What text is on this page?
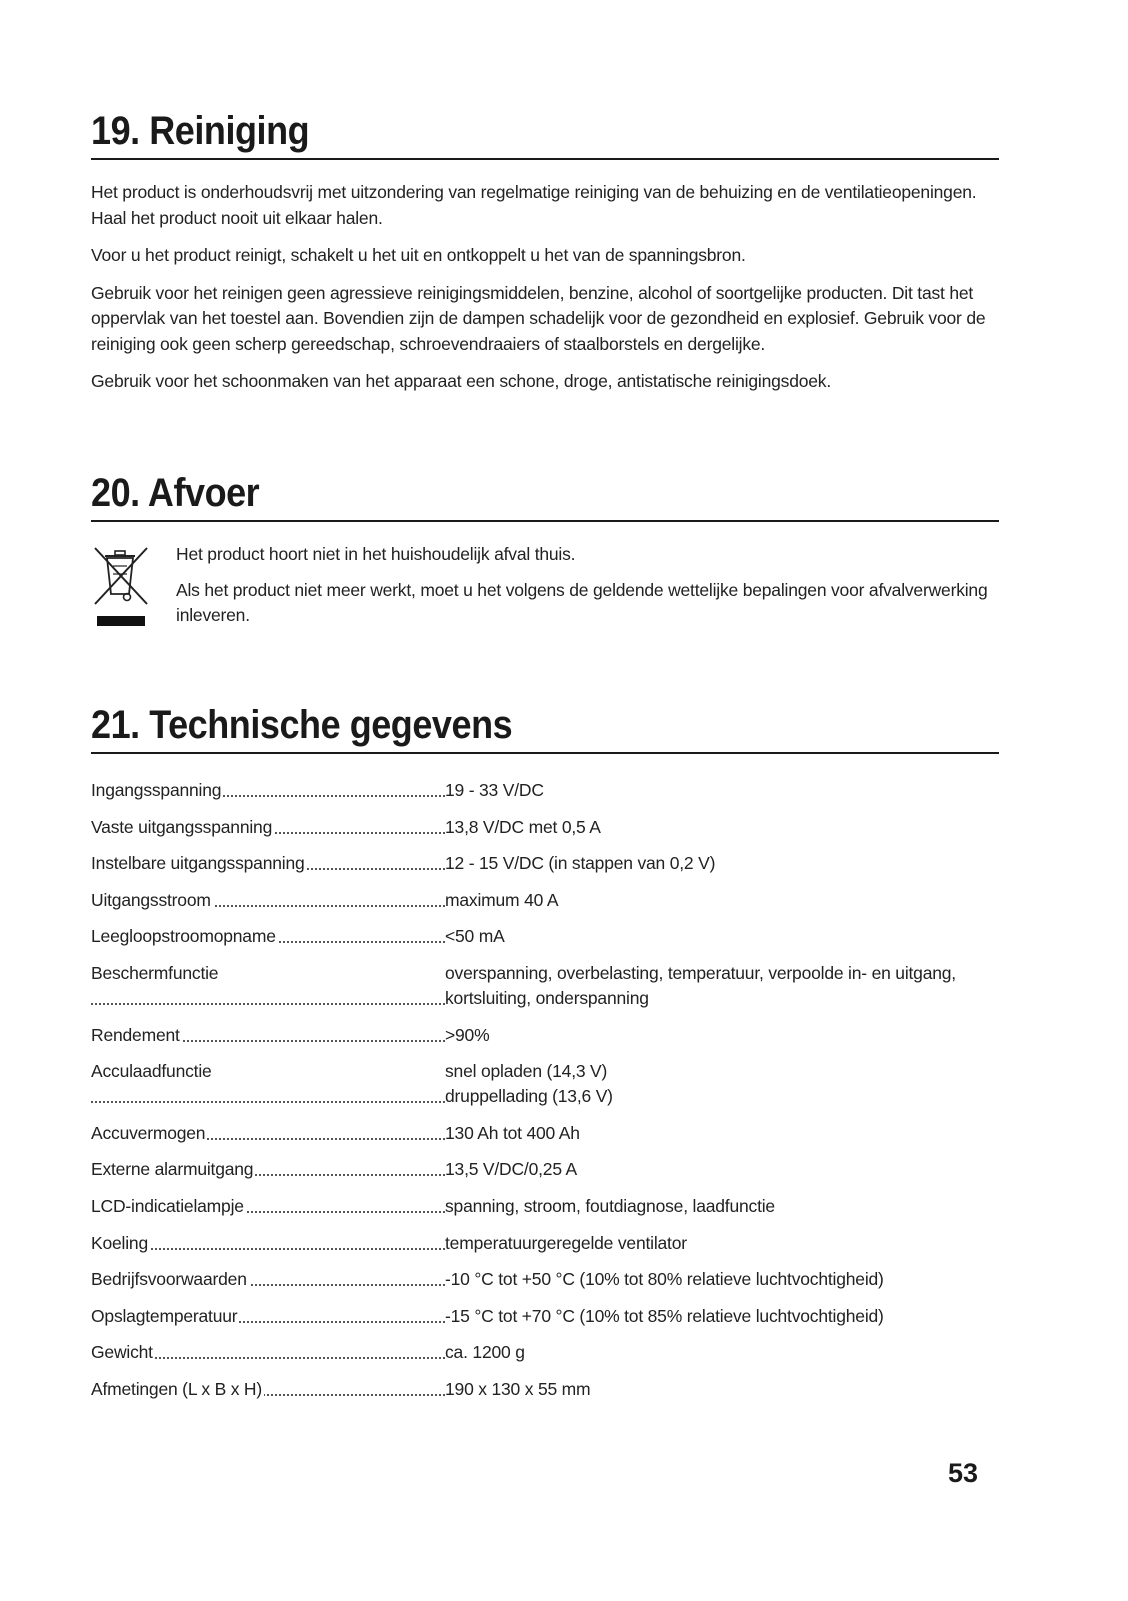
19. Reiniging

Het product is onderhoudsvrij met uitzondering van regelmatige reiniging van de behuizing en de ventilatieopeningen. Haal het product nooit uit elkaar halen.

Voor u het product reinigt, schakelt u het uit en ontkoppelt u het van de spanningsbron.

Gebruik voor het reinigen geen agressieve reinigingsmiddelen, benzine, alcohol of soortgelijke producten. Dit tast het oppervlak van het toestel aan. Bovendien zijn de dampen schadelijk voor de gezondheid en explosief. Gebruik voor de reiniging ook geen scherp gereedschap, schroevendraaiers of staalborstels en dergelijke.

Gebruik voor het schoonmaken van het apparaat een schone, droge, antistatische reinigingsdoek.

20. Afvoer

Het product hoort niet in het huishoudelijk afval thuis.

Als het product niet meer werkt, moet u het volgens de geldende wettelijke bepalingen voor afvalverwerking inleveren.

21. Technische gegevens
Ingangsspanning	19 - 33 V/DC
Vaste uitgangsspanning	13,8 V/DC met 0,5 A
Instelbare uitgangsspanning	12 - 15 V/DC (in stappen van 0,2 V)
Uitgangsstroom	maximum 40 A
Leegloopstroomopname	<50 mA
Beschermfunctie	overspanning, overbelasting, temperatuur, verpoolde in- en uitgang,
kortsluiting, onderspanning
Rendement	>90%
Acculaadfunctie	snel opladen (14,3 V)
druppellading (13,6 V)
Accuvermogen	130 Ah tot 400 Ah
Externe alarmuitgang	13,5 V/DC/0,25 A
LCD-indicatielampje	spanning, stroom, foutdiagnose, laadfunctie
Koeling	temperatuurgeregelde ventilator
Bedrijfsvoorwaarden	-10 °C tot +50 °C (10% tot 80% relatieve luchtvochtigheid)
Opslagtemperatuur	-15 °C tot +70 °C (10% tot 85% relatieve luchtvochtigheid)
Gewicht	ca. 1200 g
Afmetingen (L x B x H)	190 x 130 x 55 mm
53
